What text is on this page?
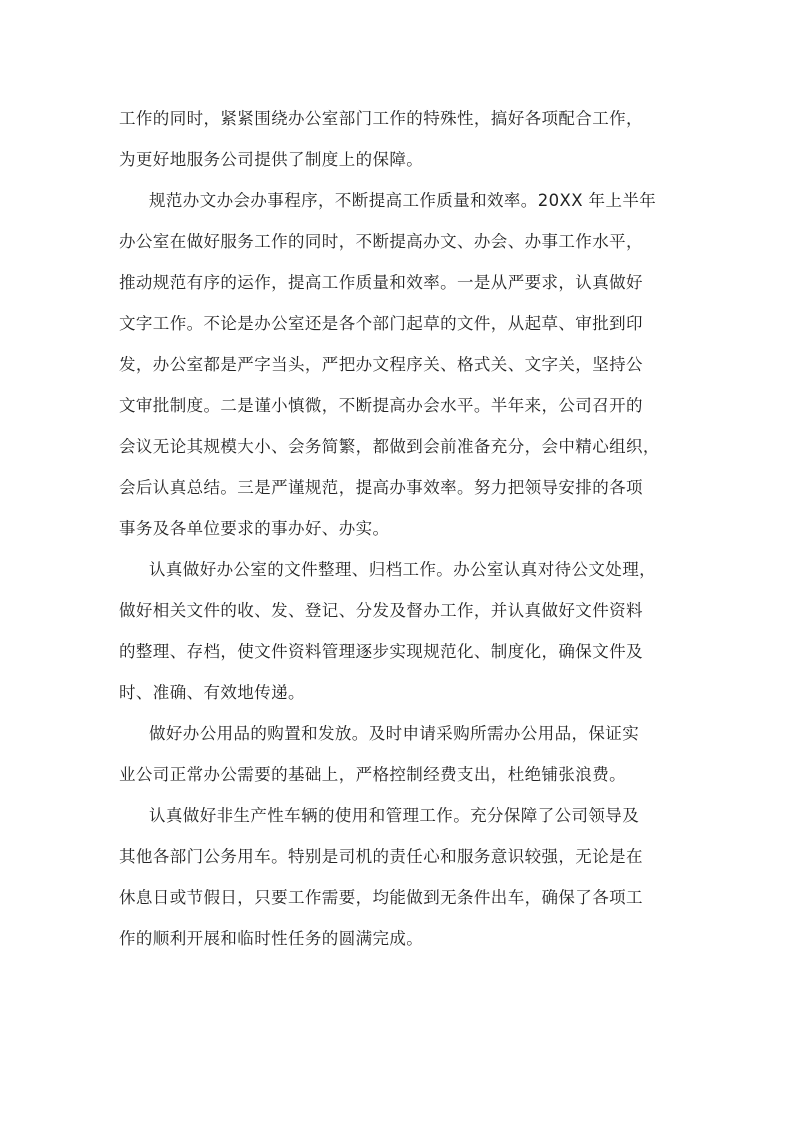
工作的同时，紧紧围绕办公室部门工作的特殊性，搞好各项配合工作，
为更好地服务公司提供了制度上的保障。
规范办文办会办事程序，不断提高工作质量和效率。20XX 年上半年
办公室在做好服务工作的同时，不断提高办文、办会、办事工作水平，
推动规范有序的运作，提高工作质量和效率。一是从严要求，认真做好
文字工作。不论是办公室还是各个部门起草的文件，从起草、审批到印
发，办公室都是严字当头，严把办文程序关、格式关、文字关，坚持公
文审批制度。二是谨小慎微，不断提高办会水平。半年来，公司召开的
会议无论其规模大小、会务简繁，都做到会前准备充分，会中精心组织，
会后认真总结。三是严谨规范，提高办事效率。努力把领导安排的各项
事务及各单位要求的事办好、办实。
认真做好办公室的文件整理、归档工作。办公室认真对待公文处理，
做好相关文件的收、发、登记、分发及督办工作，并认真做好文件资料
的整理、存档，使文件资料管理逐步实现规范化、制度化，确保文件及
时、准确、有效地传递。
做好办公用品的购置和发放。及时申请采购所需办公用品，保证实
业公司正常办公需要的基础上，严格控制经费支出，杜绝铺张浪费。
认真做好非生产性车辆的使用和管理工作。充分保障了公司领导及
其他各部门公务用车。特别是司机的责任心和服务意识较强，无论是在
休息日或节假日，只要工作需要，均能做到无条件出车，确保了各项工
作的顺利开展和临时性任务的圆满完成。
